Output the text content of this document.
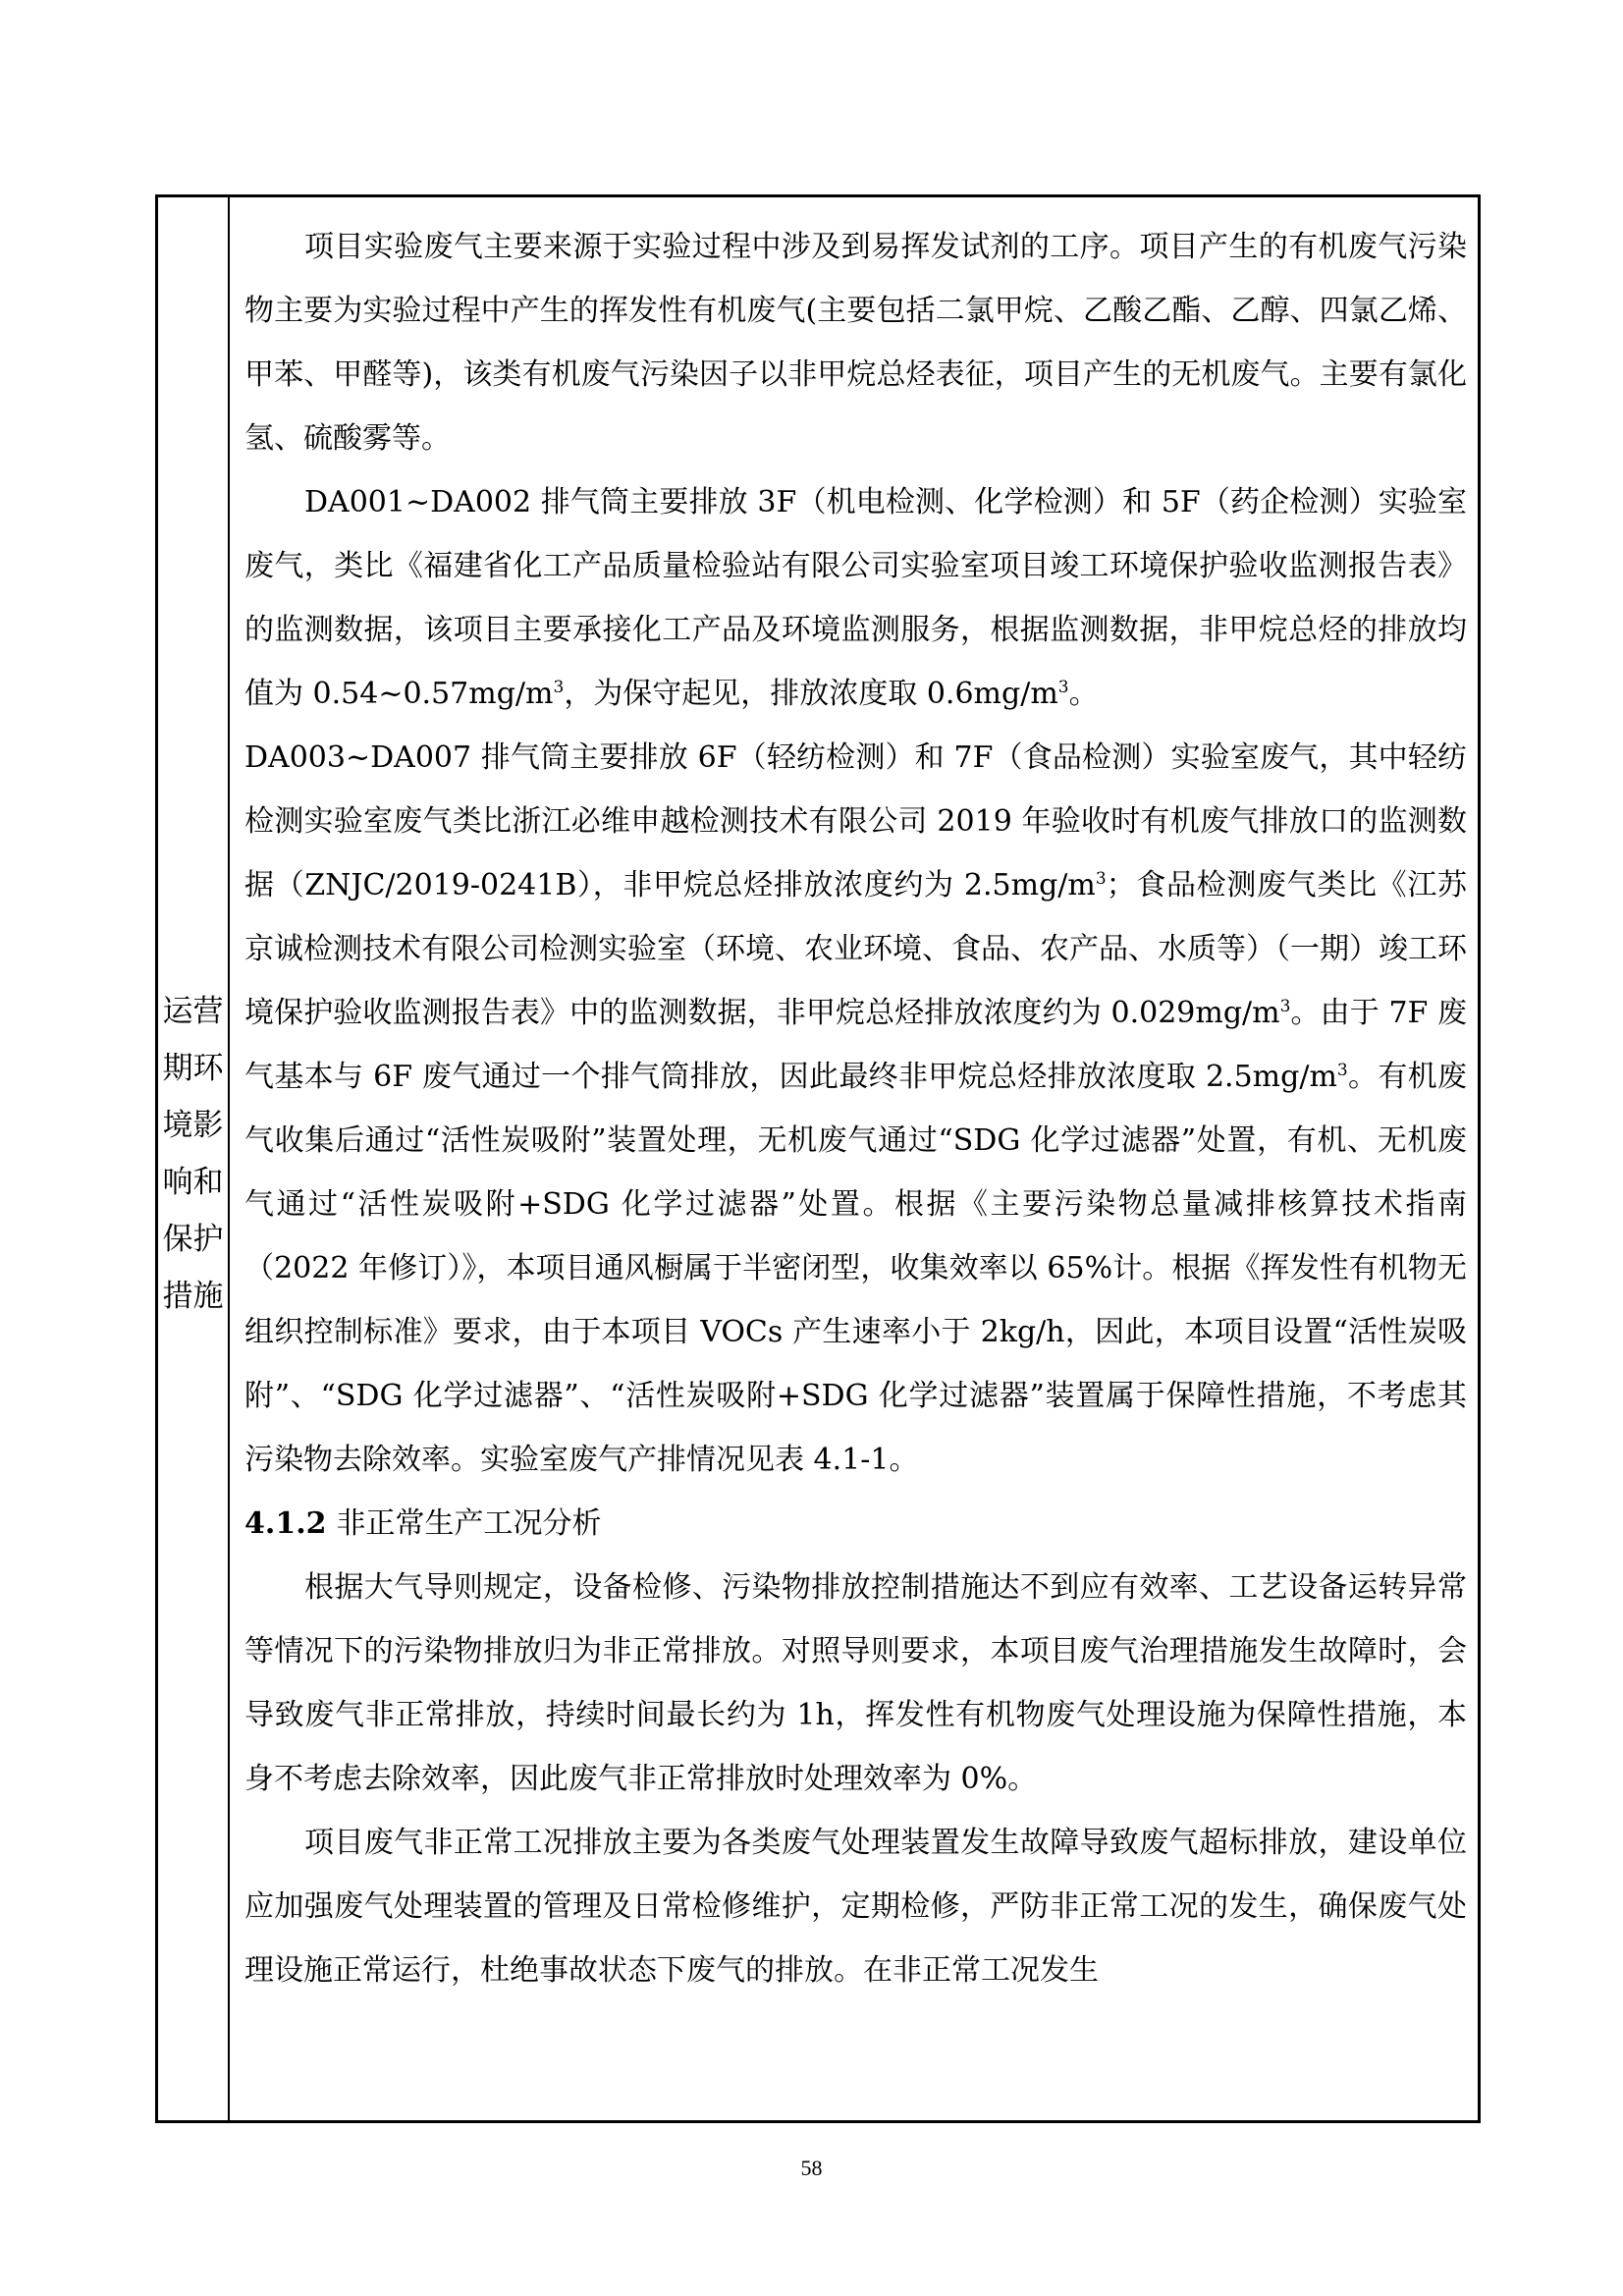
运营
期环
境影
响和
保护
措施

项目实验废气主要来源于实验过程中涉及到易挥发试剂的工序。项目产生的有机废气污染物主要为实验过程中产生的挥发性有机废气(主要包括二氯甲烷、乙酸乙酯、乙醇、四氯乙烯、甲苯、甲醛等)，该类有机废气污染因子以非甲烷总烃表征，项目产生的无机废气。主要有氯化氢、硫酸雾等。

DA001~DA002 排气筒主要排放 3F（机电检测、化学检测）和 5F（药企检测）实验室废气，类比《福建省化工产品质量检验站有限公司实验室项目竣工环境保护验收监测报告表》的监测数据，该项目主要承接化工产品及环境监测服务，根据监测数据，非甲烷总烃的排放均值为 $0.54\sim 0.57mg/m^3$，为保守起见，排放浓度取 $0.6mg/m^3$。

DA003~DA007 排气筒主要排放 6F（轻纺检测）和 7F（食品检测）实验室废气，其中轻纺检测实验室废气类比浙江必维申越检测技术有限公司 2019 年验收时有机废气排放口的监测数据（ZNJC/2019-0241B），非甲烷总烃排放浓度约为 $2.5mg/m^3$；食品检测废气类比《江苏京诚检测技术有限公司检测实验室（环境、农业环境、食品、农产品、水质等）（一期）竣工环境保护验收监测报告表》中的监测数据，非甲烷总烃排放浓度约为 $0.029mg/m^3$。由于 7F 废气基本与 6F 废气通过一个排气筒排放，因此最终非甲烷总烃排放浓度取 $2.5mg/m^3$。有机废气收集后通过“活性炭吸附”装置处理，无机废气通过“SDG 化学过滤器”处置，有机、无机废气通过“活性炭吸附+SDG 化学过滤器”处置。根据《主要污染物总量减排核算技术指南（2022 年修订）》，本项目通风橱属于半密闭型，收集效率以 65%计。根据《挥发性有机物无组织控制标准》要求，由于本项目 VOCs 产生速率小于 2kg/h，因此，本项目设置“活性炭吸附”、“SDG 化学过滤器”、“活性炭吸附+SDG 化学过滤器”装置属于保障性措施，不考虑其污染物去除效率。实验室废气产排情况见表 4.1-1。

4.1.2 非正常生产工况分析

根据大气导则规定，设备检修、污染物排放控制措施达不到应有效率、工艺设备运转异常等情况下的污染物排放归为非正常排放。对照导则要求，本项目废气治理措施发生故障时，会导致废气非正常排放，持续时间最长约为 1h，挥发性有机物废气处理设施为保障性措施，本身不考虑去除效率，因此废气非正常排放时处理效率为 0%。

项目废气非正常工况排放主要为各类废气处理装置发生故障导致废气超标排放，建设单位应加强废气处理装置的管理及日常检修维护，定期检修，严防非正常工况的发生，确保废气处理设施正常运行，杜绝事故状态下废气的排放。在非正常工况发生

58
